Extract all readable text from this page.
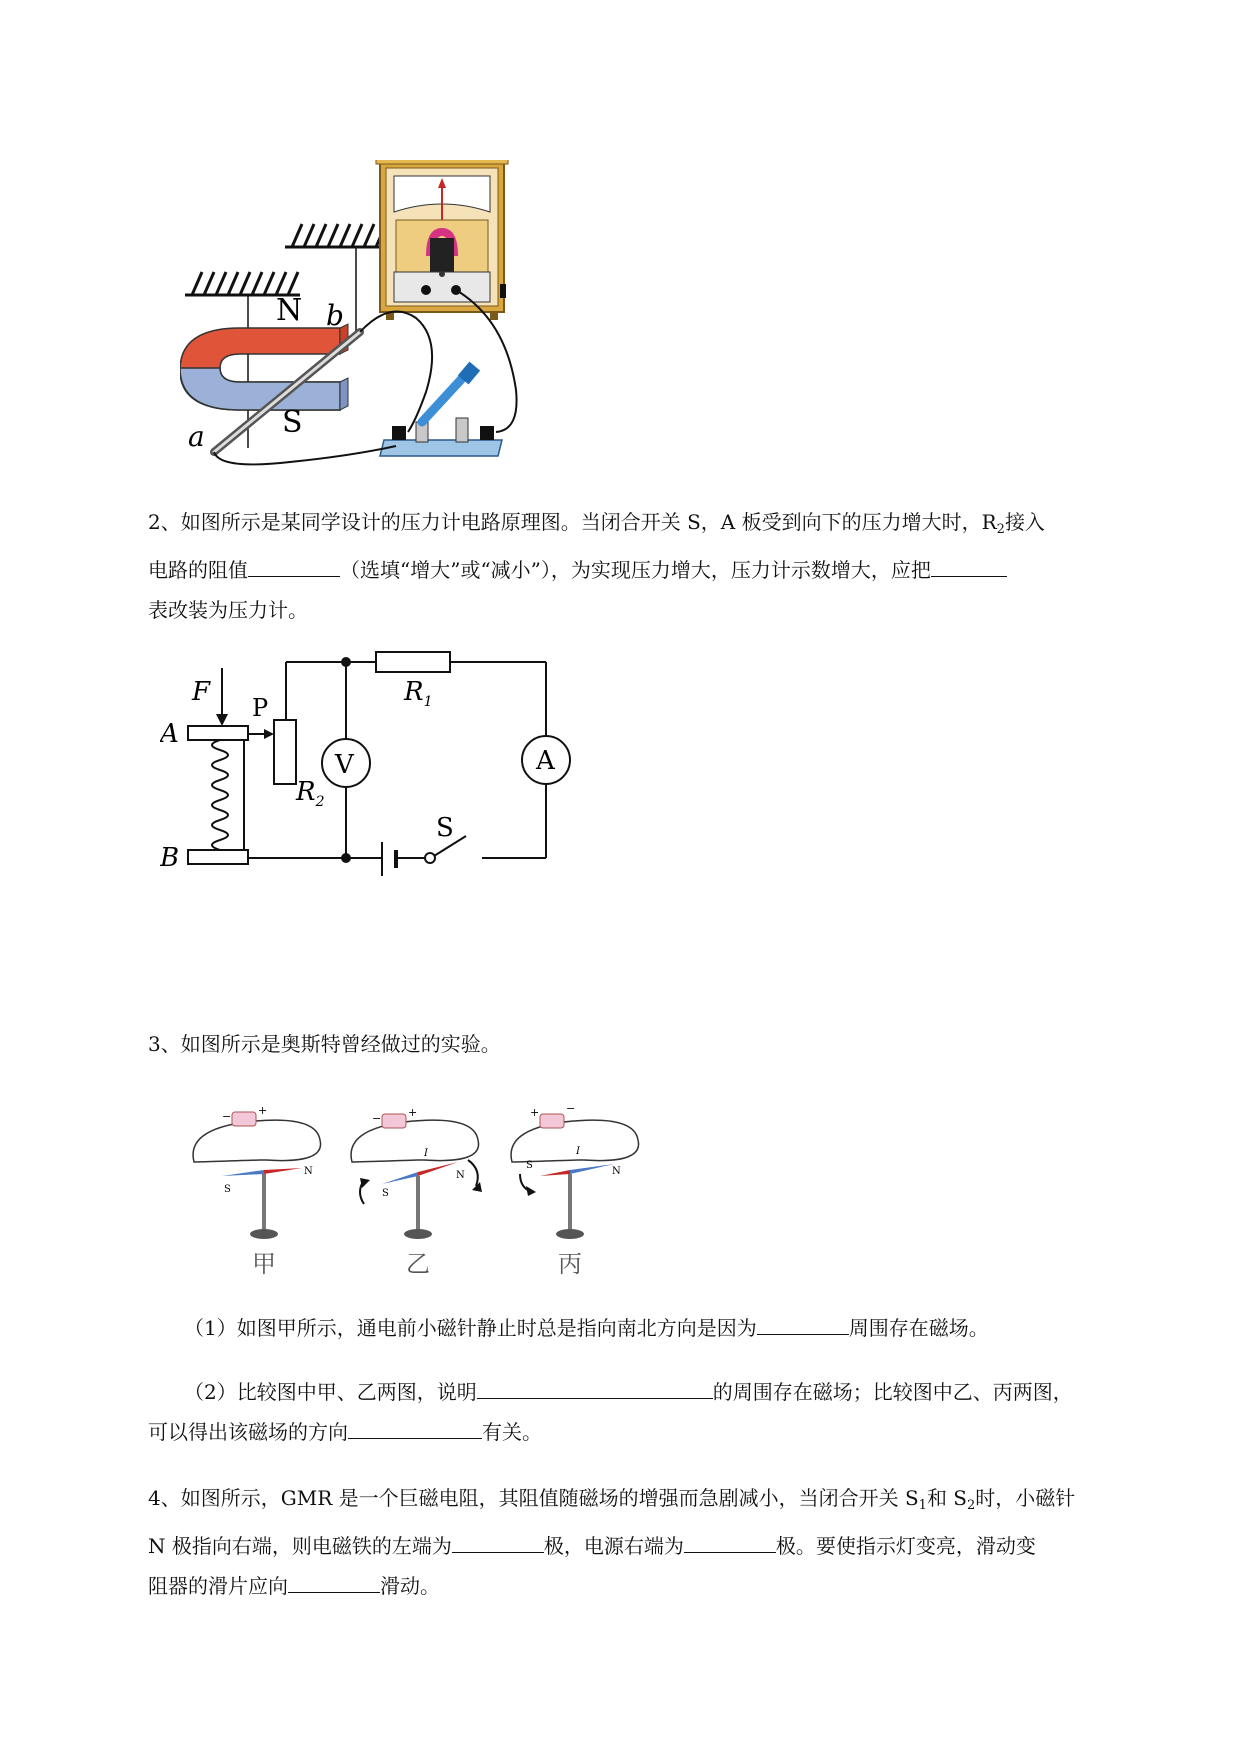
N
S
a
b
2、如图所示是某同学设计的压力计电路原理图。当闭合开关 S，A 板受到向下的压力增大时，$R_2$接入
电路的阻值	（选填“增大”或“减小”），为实现压力增大，压力计示数增大，应把
表改装为压力计。
$R_1$
$R_2$
P
V	A
S
A
B
F
3、如图所示是奥斯特曾经做过的实验。
− +
S
N
甲
− +
I
S
N
乙
+ −
I
S
N
丙
（1）如图甲所示，通电前小磁针静止时总是指向南北方向是因为	周围存在磁场。
（2）比较图中甲、乙两图，说明	的周围存在磁场；比较图中乙、丙两图，
可以得出该磁场的方向	有关。
4、如图所示，GMR 是一个巨磁电阻，其阻值随磁场的增强而急剧减小，当闭合开关 $S_1$和 $S_2$时，小磁针
N 极指向右端，则电磁铁的左端为	极，电源右端为	极。要使指示灯变亮，滑动变
阻器的滑片应向	滑动。
